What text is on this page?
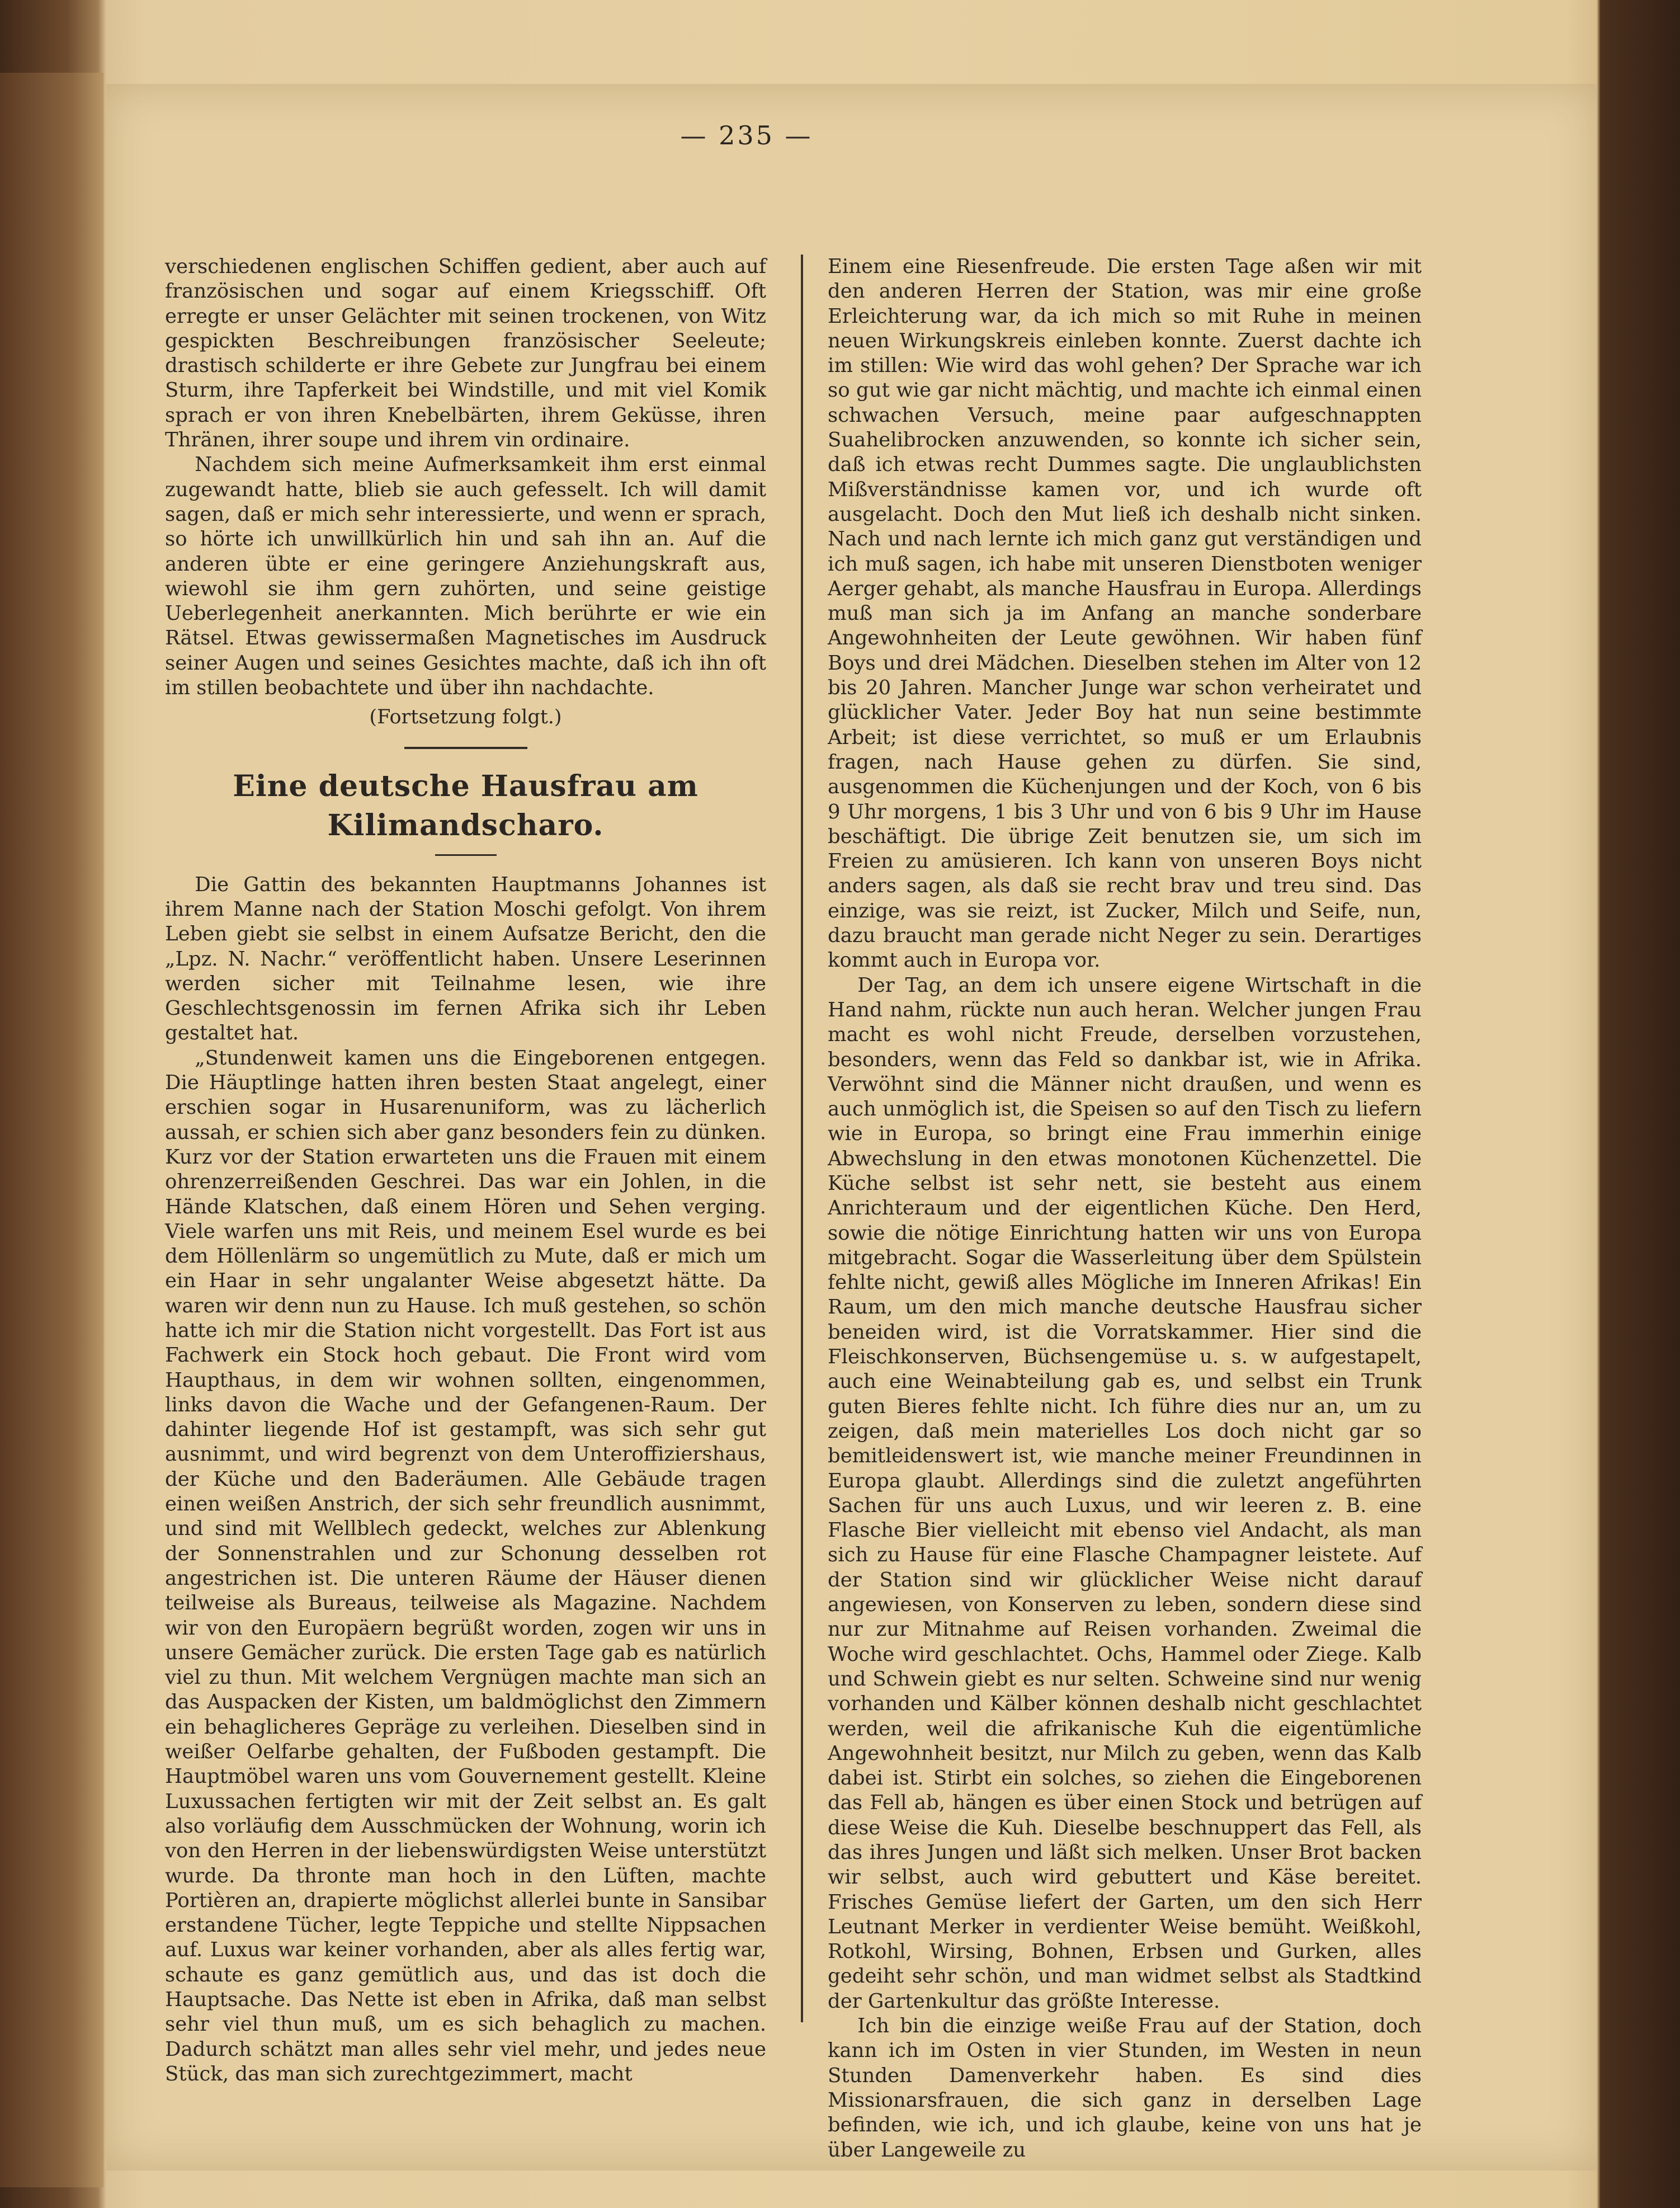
— 235 —

verschiedenen englischen Schiffen gedient, aber auch auf französischen und sogar auf einem Kriegsschiff. Oft erregte er unser Gelächter mit seinen trockenen, von Witz gespickten Beschreibungen französischer Seeleute; drastisch schilderte er ihre Gebete zur Jungfrau bei einem Sturm, ihre Tapferkeit bei Windstille, und mit viel Komik sprach er von ihren Knebelbärten, ihrem Geküsse, ihren Thränen, ihrer soupe und ihrem vin ordinaire.

Nachdem sich meine Aufmerksamkeit ihm erst einmal zugewandt hatte, blieb sie auch gefesselt. Ich will damit sagen, daß er mich sehr interessierte, und wenn er sprach, so hörte ich unwillkürlich hin und sah ihn an. Auf die anderen übte er eine geringere Anziehungskraft aus, wiewohl sie ihm gern zuhörten, und seine geistige Ueberlegenheit anerkannten. Mich berührte er wie ein Rätsel. Etwas gewissermaßen Magnetisches im Ausdruck seiner Augen und seines Gesichtes machte, daß ich ihn oft im stillen beobachtete und über ihn nachdachte.

(Fortsetzung folgt.)

Eine deutsche Hausfrau am Kilimandscharo.

Die Gattin des bekannten Hauptmanns Johannes ist ihrem Manne nach der Station Moschi gefolgt. Von ihrem Leben giebt sie selbst in einem Aufsatze Bericht, den die „Lpz. N. Nachr.“ veröffentlicht haben. Unsere Leserinnen werden sicher mit Teilnahme lesen, wie ihre Geschlechtsgenossin im fernen Afrika sich ihr Leben gestaltet hat.

„Stundenweit kamen uns die Eingeborenen entgegen. Die Häuptlinge hatten ihren besten Staat angelegt, einer erschien sogar in Husarenuniform, was zu lächerlich aussah, er schien sich aber ganz besonders fein zu dünken. Kurz vor der Station erwarteten uns die Frauen mit einem ohrenzerreißenden Geschrei. Das war ein Johlen, in die Hände Klatschen, daß einem Hören und Sehen verging. Viele warfen uns mit Reis, und meinem Esel wurde es bei dem Höllenlärm so ungemütlich zu Mute, daß er mich um ein Haar in sehr ungalanter Weise abgesetzt hätte. Da waren wir denn nun zu Hause. Ich muß gestehen, so schön hatte ich mir die Station nicht vorgestellt. Das Fort ist aus Fachwerk ein Stock hoch gebaut. Die Front wird vom Haupthaus, in dem wir wohnen sollten, eingenommen, links davon die Wache und der Gefangenen-Raum. Der dahinter liegende Hof ist gestampft, was sich sehr gut ausnimmt, und wird begrenzt von dem Unteroffiziershaus, der Küche und den Baderäumen. Alle Gebäude tragen einen weißen Anstrich, der sich sehr freundlich ausnimmt, und sind mit Wellblech gedeckt, welches zur Ablenkung der Sonnenstrahlen und zur Schonung desselben rot angestrichen ist. Die unteren Räume der Häuser dienen teilweise als Bureaus, teilweise als Magazine. Nachdem wir von den Europäern begrüßt worden, zogen wir uns in unsere Gemächer zurück. Die ersten Tage gab es natürlich viel zu thun. Mit welchem Vergnügen machte man sich an das Auspacken der Kisten, um baldmöglichst den Zimmern ein behaglicheres Gepräge zu verleihen. Dieselben sind in weißer Oelfarbe gehalten, der Fußboden gestampft. Die Hauptmöbel waren uns vom Gouvernement gestellt. Kleine Luxussachen fertigten wir mit der Zeit selbst an. Es galt also vorläufig dem Ausschmücken der Wohnung, worin ich von den Herren in der liebenswürdigsten Weise unterstützt wurde. Da thronte man hoch in den Lüften, machte Portièren an, drapierte möglichst allerlei bunte in Sansibar erstandene Tücher, legte Teppiche und stellte Nippsachen auf. Luxus war keiner vorhanden, aber als alles fertig war, schaute es ganz gemütlich aus, und das ist doch die Hauptsache. Das Nette ist eben in Afrika, daß man selbst sehr viel thun muß, um es sich behaglich zu machen. Dadurch schätzt man alles sehr viel mehr, und jedes neue Stück, das man sich zurechtgezimmert, macht

Einem eine Riesenfreude. Die ersten Tage aßen wir mit den anderen Herren der Station, was mir eine große Erleichterung war, da ich mich so mit Ruhe in meinen neuen Wirkungskreis einleben konnte. Zuerst dachte ich im stillen: Wie wird das wohl gehen? Der Sprache war ich so gut wie gar nicht mächtig, und machte ich einmal einen schwachen Versuch, meine paar aufgeschnappten Suahelibrocken anzuwenden, so konnte ich sicher sein, daß ich etwas recht Dummes sagte. Die unglaublichsten Mißverständnisse kamen vor, und ich wurde oft ausgelacht. Doch den Mut ließ ich deshalb nicht sinken. Nach und nach lernte ich mich ganz gut verständigen und ich muß sagen, ich habe mit unseren Dienstboten weniger Aerger gehabt, als manche Hausfrau in Europa. Allerdings muß man sich ja im Anfang an manche sonderbare Angewohnheiten der Leute gewöhnen. Wir haben fünf Boys und drei Mädchen. Dieselben stehen im Alter von 12 bis 20 Jahren. Mancher Junge war schon verheiratet und glücklicher Vater. Jeder Boy hat nun seine bestimmte Arbeit; ist diese verrichtet, so muß er um Erlaubnis fragen, nach Hause gehen zu dürfen. Sie sind, ausgenommen die Küchenjungen und der Koch, von 6 bis 9 Uhr morgens, 1 bis 3 Uhr und von 6 bis 9 Uhr im Hause beschäftigt. Die übrige Zeit benutzen sie, um sich im Freien zu amüsieren. Ich kann von unseren Boys nicht anders sagen, als daß sie recht brav und treu sind. Das einzige, was sie reizt, ist Zucker, Milch und Seife, nun, dazu braucht man gerade nicht Neger zu sein. Derartiges kommt auch in Europa vor.

Der Tag, an dem ich unsere eigene Wirtschaft in die Hand nahm, rückte nun auch heran. Welcher jungen Frau macht es wohl nicht Freude, derselben vorzustehen, besonders, wenn das Feld so dankbar ist, wie in Afrika. Verwöhnt sind die Männer nicht draußen, und wenn es auch unmöglich ist, die Speisen so auf den Tisch zu liefern wie in Europa, so bringt eine Frau immerhin einige Abwechslung in den etwas monotonen Küchenzettel. Die Küche selbst ist sehr nett, sie besteht aus einem Anrichteraum und der eigentlichen Küche. Den Herd, sowie die nötige Einrichtung hatten wir uns von Europa mitgebracht. Sogar die Wasserleitung über dem Spülstein fehlte nicht, gewiß alles Mögliche im Inneren Afrikas! Ein Raum, um den mich manche deutsche Hausfrau sicher beneiden wird, ist die Vorratskammer. Hier sind die Fleischkonserven, Büchsengemüse u. s. w aufgestapelt, auch eine Weinabteilung gab es, und selbst ein Trunk guten Bieres fehlte nicht. Ich führe dies nur an, um zu zeigen, daß mein materielles Los doch nicht gar so bemitleidenswert ist, wie manche meiner Freundinnen in Europa glaubt. Allerdings sind die zuletzt angeführten Sachen für uns auch Luxus, und wir leeren z. B. eine Flasche Bier vielleicht mit ebenso viel Andacht, als man sich zu Hause für eine Flasche Champagner leistete. Auf der Station sind wir glücklicher Weise nicht darauf angewiesen, von Konserven zu leben, sondern diese sind nur zur Mitnahme auf Reisen vorhanden. Zweimal die Woche wird geschlachtet. Ochs, Hammel oder Ziege. Kalb und Schwein giebt es nur selten. Schweine sind nur wenig vorhanden und Kälber können deshalb nicht geschlachtet werden, weil die afrikanische Kuh die eigentümliche Angewohnheit besitzt, nur Milch zu geben, wenn das Kalb dabei ist. Stirbt ein solches, so ziehen die Eingeborenen das Fell ab, hängen es über einen Stock und betrügen auf diese Weise die Kuh. Dieselbe beschnuppert das Fell, als das ihres Jungen und läßt sich melken. Unser Brot backen wir selbst, auch wird gebuttert und Käse bereitet. Frisches Gemüse liefert der Garten, um den sich Herr Leutnant Merker in verdienter Weise bemüht. Weißkohl, Rotkohl, Wirsing, Bohnen, Erbsen und Gurken, alles gedeiht sehr schön, und man widmet selbst als Stadtkind der Gartenkultur das größte Interesse.

Ich bin die einzige weiße Frau auf der Station, doch kann ich im Osten in vier Stunden, im Westen in neun Stunden Damenverkehr haben. Es sind dies Missionarsfrauen, die sich ganz in derselben Lage befinden, wie ich, und ich glaube, keine von uns hat je über Langeweile zu
